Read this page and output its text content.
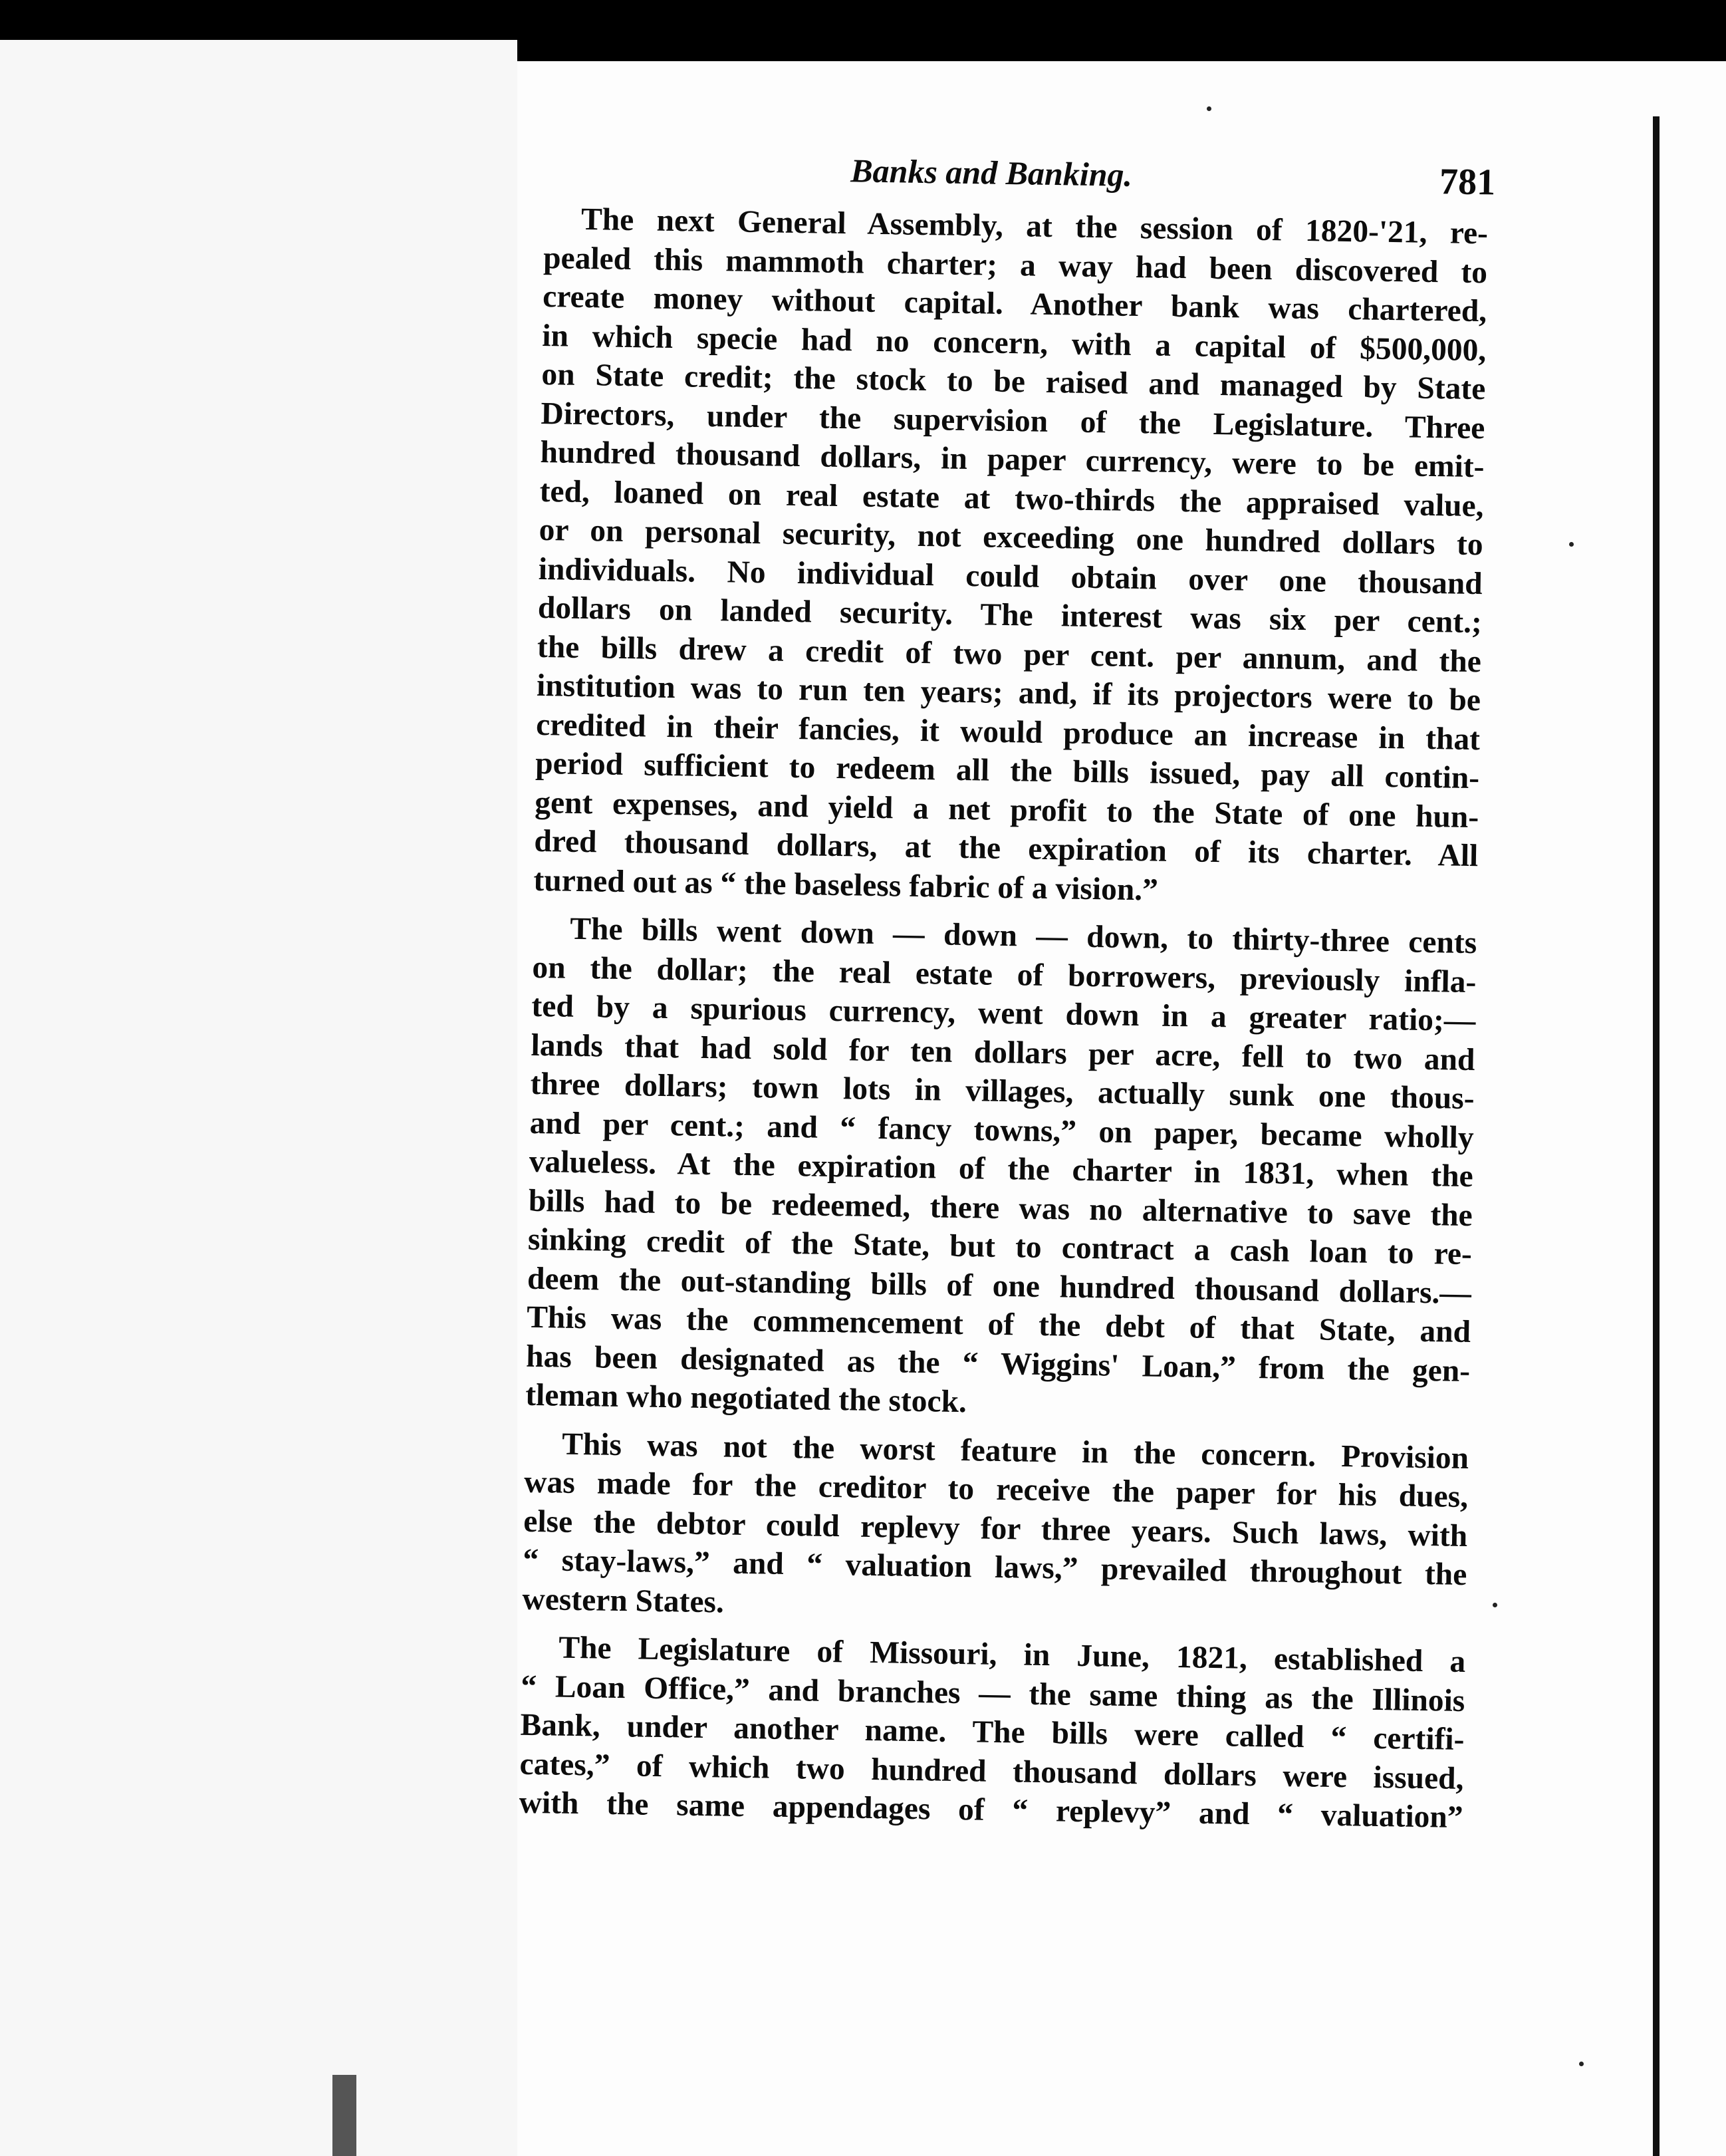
Banks and Banking.	781
The next General Assembly, at the session of 1820-'21, re-
pealed this mammoth charter; a way had been discovered to
create money without capital. Another bank was chartered,
in which specie had no concern, with a capital of $500,000,
on State credit; the stock to be raised and managed by State
Directors, under the supervision of the Legislature. Three
hundred thousand dollars, in paper currency, were to be emit-
ted, loaned on real estate at two-thirds the appraised value,
or on personal security, not exceeding one hundred dollars to
individuals. No individual could obtain over one thousand
dollars on landed security. The interest was six per cent.;
the bills drew a credit of two per cent. per annum, and the
institution was to run ten years; and, if its projectors were to be
credited in their fancies, it would produce an increase in that
period sufficient to redeem all the bills issued, pay all contin-
gent expenses, and yield a net profit to the State of one hun-
dred thousand dollars, at the expiration of its charter. All
turned out as “ the baseless fabric of a vision.”
The bills went down — down — down, to thirty-three cents
on the dollar; the real estate of borrowers, previously infla-
ted by a spurious currency, went down in a greater ratio;—
lands that had sold for ten dollars per acre, fell to two and
three dollars; town lots in villages, actually sunk one thous-
and per cent.; and “ fancy towns,” on paper, became wholly
valueless. At the expiration of the charter in 1831, when the
bills had to be redeemed, there was no alternative to save the
sinking credit of the State, but to contract a cash loan to re-
deem the out-standing bills of one hundred thousand dollars.—
This was the commencement of the debt of that State, and
has been designated as the “ Wiggins' Loan,” from the gen-
tleman who negotiated the stock.
This was not the worst feature in the concern. Provision
was made for the creditor to receive the paper for his dues,
else the debtor could replevy for three years. Such laws, with
“ stay-laws,” and “ valuation laws,” prevailed throughout the
western States.
The Legislature of Missouri, in June, 1821, established a
“ Loan Office,” and branches — the same thing as the Illinois
Bank, under another name. The bills were called “ certifi-
cates,” of which two hundred thousand dollars were issued,
with the same appendages of “ replevy” and “ valuation”
